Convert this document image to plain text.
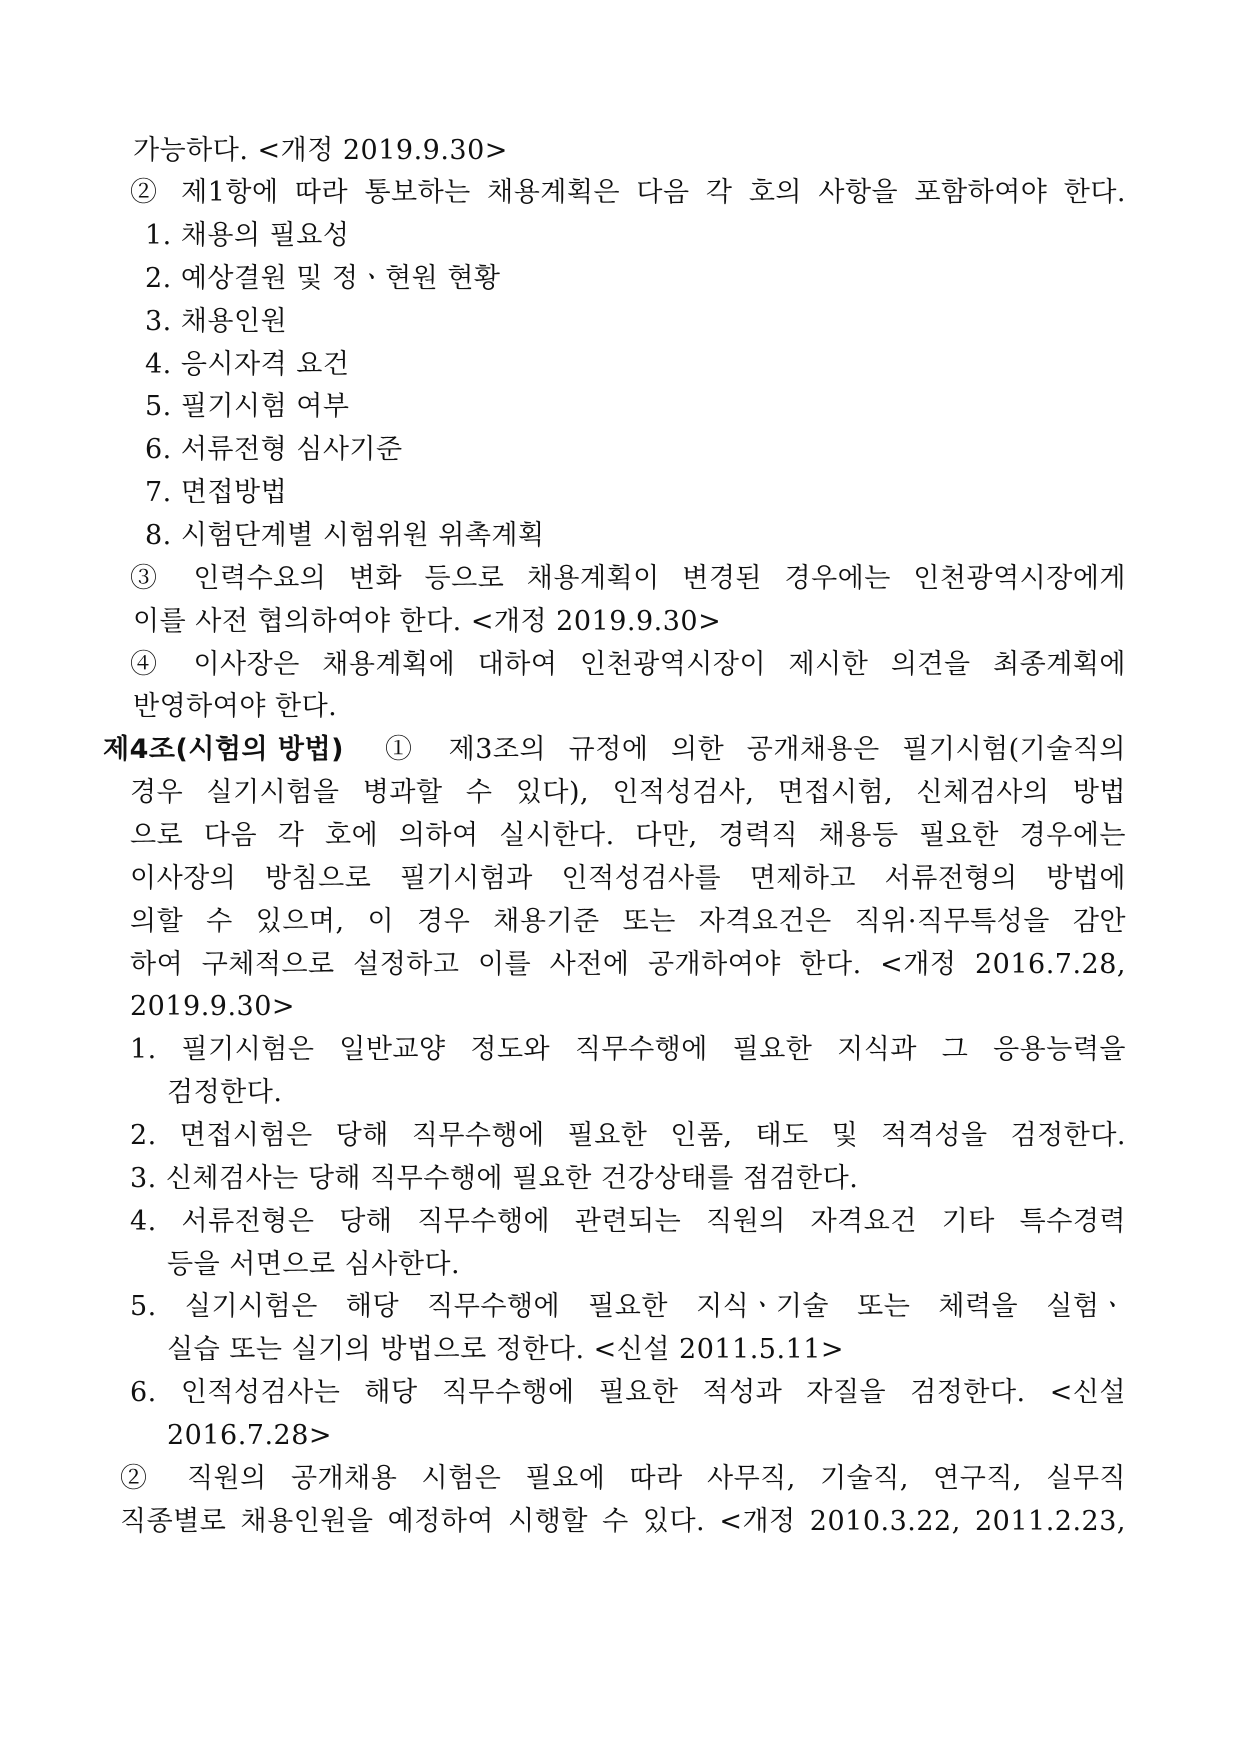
가능하다. <개정 2019.9.30>
② 제1항에 따라 통보하는 채용계획은 다음 각 호의 사항을 포함하여야 한다.
1. 채용의 필요성
2. 예상결원 및 정ㆍ현원 현황
3. 채용인원
4. 응시자격 요건
5. 필기시험 여부
6. 서류전형 심사기준
7. 면접방법
8. 시험단계별 시험위원 위촉계획
③ 인력수요의 변화 등으로 채용계획이 변경된 경우에는 인천광역시장에게
이를 사전 협의하여야 한다. <개정 2019.9.30>
④ 이사장은 채용계획에 대하여 인천광역시장이 제시한 의견을 최종계획에
반영하여야 한다.
제4조(시험의 방법) ① 제3조의 규정에 의한 공개채용은 필기시험(기술직의
경우 실기시험을 병과할 수 있다), 인적성검사, 면접시험, 신체검사의 방법
으로 다음 각 호에 의하여 실시한다. 다만, 경력직 채용등 필요한 경우에는
이사장의 방침으로 필기시험과 인적성검사를 면제하고 서류전형의 방법에
의할 수 있으며, 이 경우 채용기준 또는 자격요건은 직위·직무특성을 감안
하여 구체적으로 설정하고 이를 사전에 공개하여야 한다. <개정 2016.7.28,
2019.9.30>
1. 필기시험은 일반교양 정도와 직무수행에 필요한 지식과 그 응용능력을
검정한다.
2. 면접시험은 당해 직무수행에 필요한 인품, 태도 및 적격성을 검정한다.
3. 신체검사는 당해 직무수행에 필요한 건강상태를 점검한다.
4. 서류전형은 당해 직무수행에 관련되는 직원의 자격요건 기타 특수경력
등을 서면으로 심사한다.
5. 실기시험은 해당 직무수행에 필요한 지식ㆍ기술 또는 체력을 실험ㆍ
실습 또는 실기의 방법으로 정한다. <신설 2011.5.11>
6. 인적성검사는 해당 직무수행에 필요한 적성과 자질을 검정한다. <신설
2016.7.28>
② 직원의 공개채용 시험은 필요에 따라 사무직, 기술직, 연구직, 실무직
직종별로 채용인원을 예정하여 시행할 수 있다. <개정 2010.3.22, 2011.2.23,
